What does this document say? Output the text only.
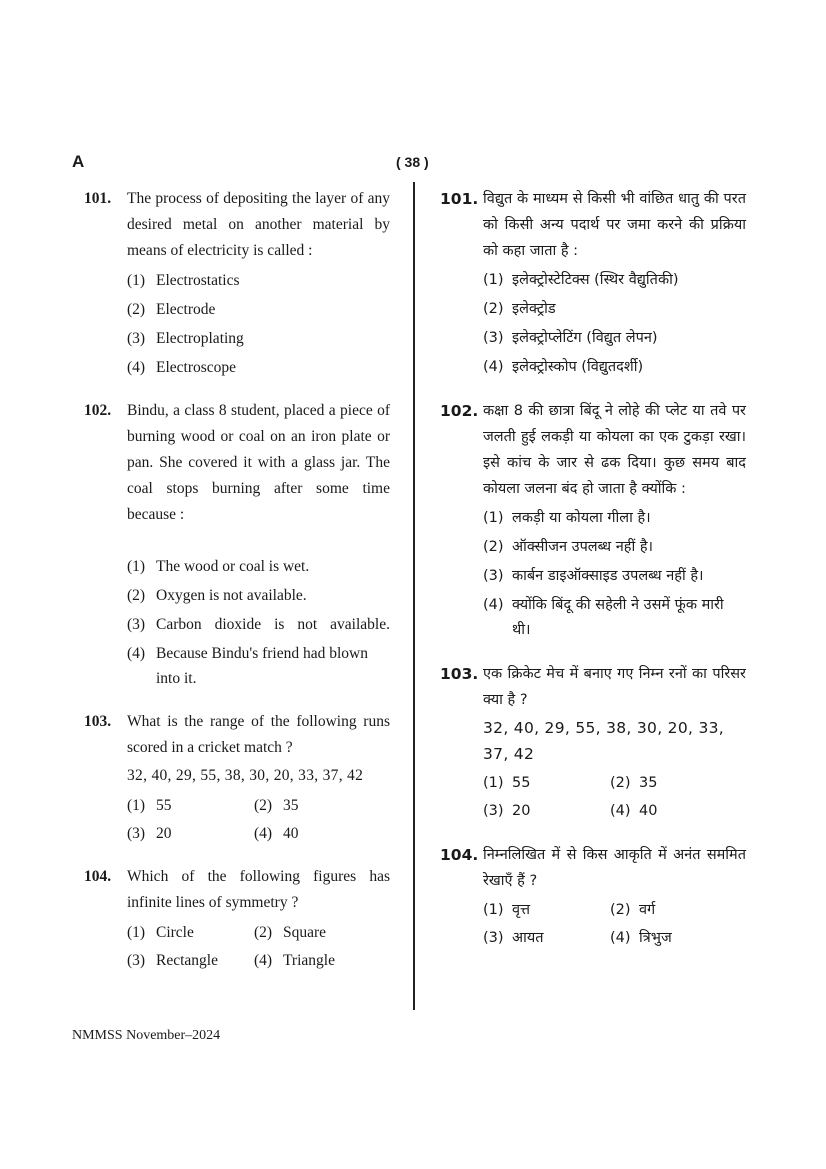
A	( 38 )
101. The process of depositing the layer of any desired metal on another material by means of electricity is called :
(1) Electrostatics
(2) Electrode
(3) Electroplating
(4) Electroscope
102. Bindu, a class 8 student, placed a piece of burning wood or coal on an iron plate or pan. She covered it with a glass jar. The coal stops burning after some time because :
(1) The wood or coal is wet.
(2) Oxygen is not available.
(3) Carbon dioxide is not available.
(4) Because Bindu's friend had blown into it.
103. What is the range of the following runs scored in a cricket match ?
32, 40, 29, 55, 38, 30, 20, 33, 37, 42
(1) 55	(2) 35
(3) 20	(4) 40
104. Which of the following figures has infinite lines of symmetry ?
(1) Circle	(2) Square
(3) Rectangle	(4) Triangle
101. विद्युत के माध्यम से किसी भी वांछित धातु की परत को किसी अन्य पदार्थ पर जमा करने की प्रक्रिया को कहा जाता है :
(1) इलेक्ट्रोस्टेटिक्स (स्थिर वैद्युतिकी)
(2) इलेक्ट्रोड
(3) इलेक्ट्रोप्लेटिंग (विद्युत लेपन)
(4) इलेक्ट्रोस्कोप (विद्युतदर्शी)
102. कक्षा 8 की छात्रा बिंदू ने लोहे की प्लेट या तवे पर जलती हुई लकड़ी या कोयला का एक टुकड़ा रखा। इसे कांच के जार से ढक दिया। कुछ समय बाद कोयला जलना बंद हो जाता है क्योंकि :
(1) लकड़ी या कोयला गीला है।
(2) ऑक्सीजन उपलब्ध नहीं है।
(3) कार्बन डाइऑक्साइड उपलब्ध नहीं है।
(4) क्योंकि बिंदू की सहेली ने उसमें फूंक मारी थी।
103. एक क्रिकेट मेच में बनाए गए निम्न रनों का परिसर क्या है ?
32, 40, 29, 55, 38, 30, 20, 33, 37, 42
(1) 55	(2) 35
(3) 20	(4) 40
104. निम्नलिखित में से किस आकृति में अनंत सममित रेखाएँ हैं ?
(1) वृत्त	(2) वर्ग
(3) आयत	(4) त्रिभुज
NMMSS November–2024
